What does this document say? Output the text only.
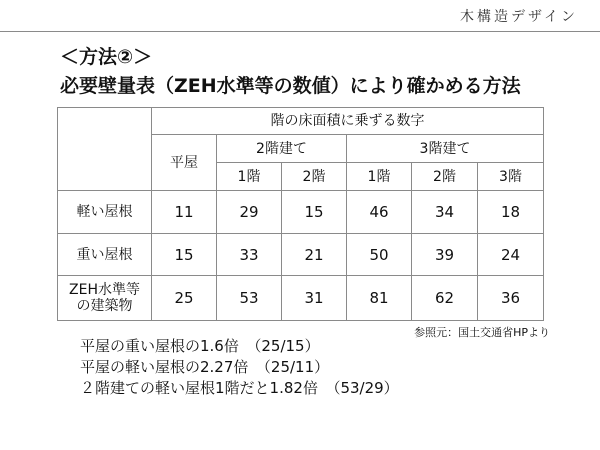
木構造デザイン
＜方法②＞
必要壁量表（ZEH水準等の数値）により確かめる方法
	階の床面積に乗ずる数字					
	平屋	2階建て		3階建て		
		1階	2階	1階	2階	3階
軽い屋根	11	29	15	46	34	18
重い屋根	15	33	21	50	39	24
ZEH水準等
の建築物	25	53	31	81	62	36
参照元：国土交通省HPより
平屋の重い屋根の1.6倍　（25/15）
平屋の軽い屋根の2.27倍　（25/11）
２階建ての軽い屋根1階だと1.82倍　（53/29）
